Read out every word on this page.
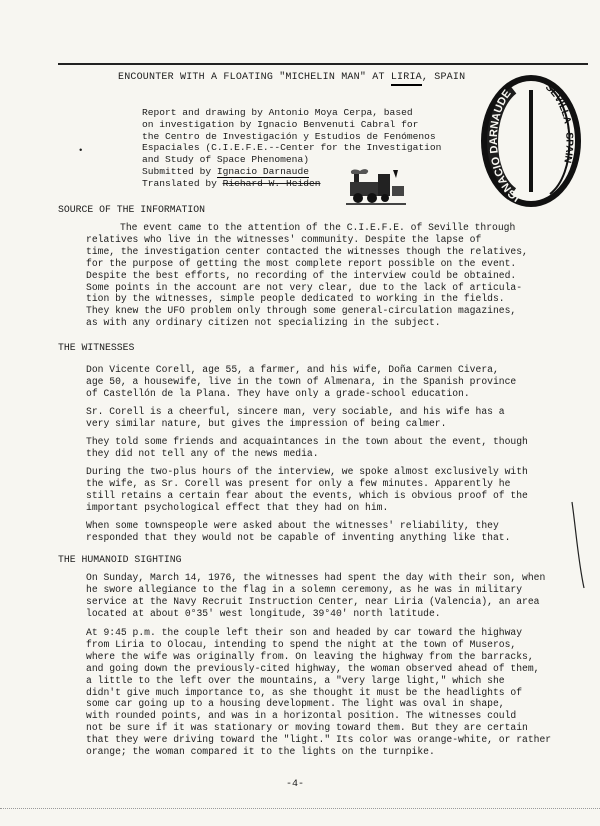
ENCOUNTER WITH A FLOATING "MICHELIN MAN" AT LIRIA, SPAIN
IGNACIO DARNAUDE	SEVILLA - SPAIN
•
Report and drawing by Antonio Moya Cerpa, based
on investigation by Ignacio Benvenuti Cabral for
the Centro de Investigación y Estudios de Fenómenos
Espaciales (C.I.E.F.E.--Center for the Investigation
and Study of Space Phenomena)
Submitted by Ignacio Darnaude
Translated by Richard W. Heiden
SOURCE OF THE INFORMATION
The event came to the attention of the C.I.E.F.E. of Seville through
relatives who live in the witnesses' community. Despite the lapse of
time, the investigation center contacted the witnesses though the relatives,
for the purpose of getting the most complete report possible on the event.
Despite the best efforts, no recording of the interview could be obtained.
Some points in the account are not very clear, due to the lack of articula-
tion by the witnesses, simple people dedicated to working in the fields.
They knew the UFO problem only through some general-circulation magazines,
as with any ordinary citizen not specializing in the subject.
THE WITNESSES
Don Vicente Corell, age 55, a farmer, and his wife, Doña Carmen Civera,
age 50, a housewife, live in the town of Almenara, in the Spanish province
of Castellón de la Plana. They have only a grade-school education.
Sr. Corell is a cheerful, sincere man, very sociable, and his wife has a
very similar nature, but gives the impression of being calmer.
They told some friends and acquaintances in the town about the event, though
they did not tell any of the news media.
During the two-plus hours of the interview, we spoke almost exclusively with
the wife, as Sr. Corell was present for only a few minutes. Apparently he
still retains a certain fear about the events, which is obvious proof of the
important psychological effect that they had on him.
When some townspeople were asked about the witnesses' reliability, they
responded that they would not be capable of inventing anything like that.
THE HUMANOID SIGHTING
On Sunday, March 14, 1976, the witnesses had spent the day with their son, when
he swore allegiance to the flag in a solemn ceremony, as he was in military
service at the Navy Recruit Instruction Center, near Liria (Valencia), an area
located at about 0°35' west longitude, 39°40' north latitude.
At 9:45 p.m. the couple left their son and headed by car toward the highway
from Liria to Olocau, intending to spend the night at the town of Museros,
where the wife was originally from. On leaving the highway from the barracks,
and going down the previously-cited highway, the woman observed ahead of them,
a little to the left over the mountains, a "very large light," which she
didn't give much importance to, as she thought it must be the headlights of
some car going up to a housing development. The light was oval in shape,
with rounded points, and was in a horizontal position. The witnesses could
not be sure if it was stationary or moving toward them. But they are certain
that they were driving toward the "light." Its color was orange-white, or rather
orange; the woman compared it to the lights on the turnpike.
-4-
